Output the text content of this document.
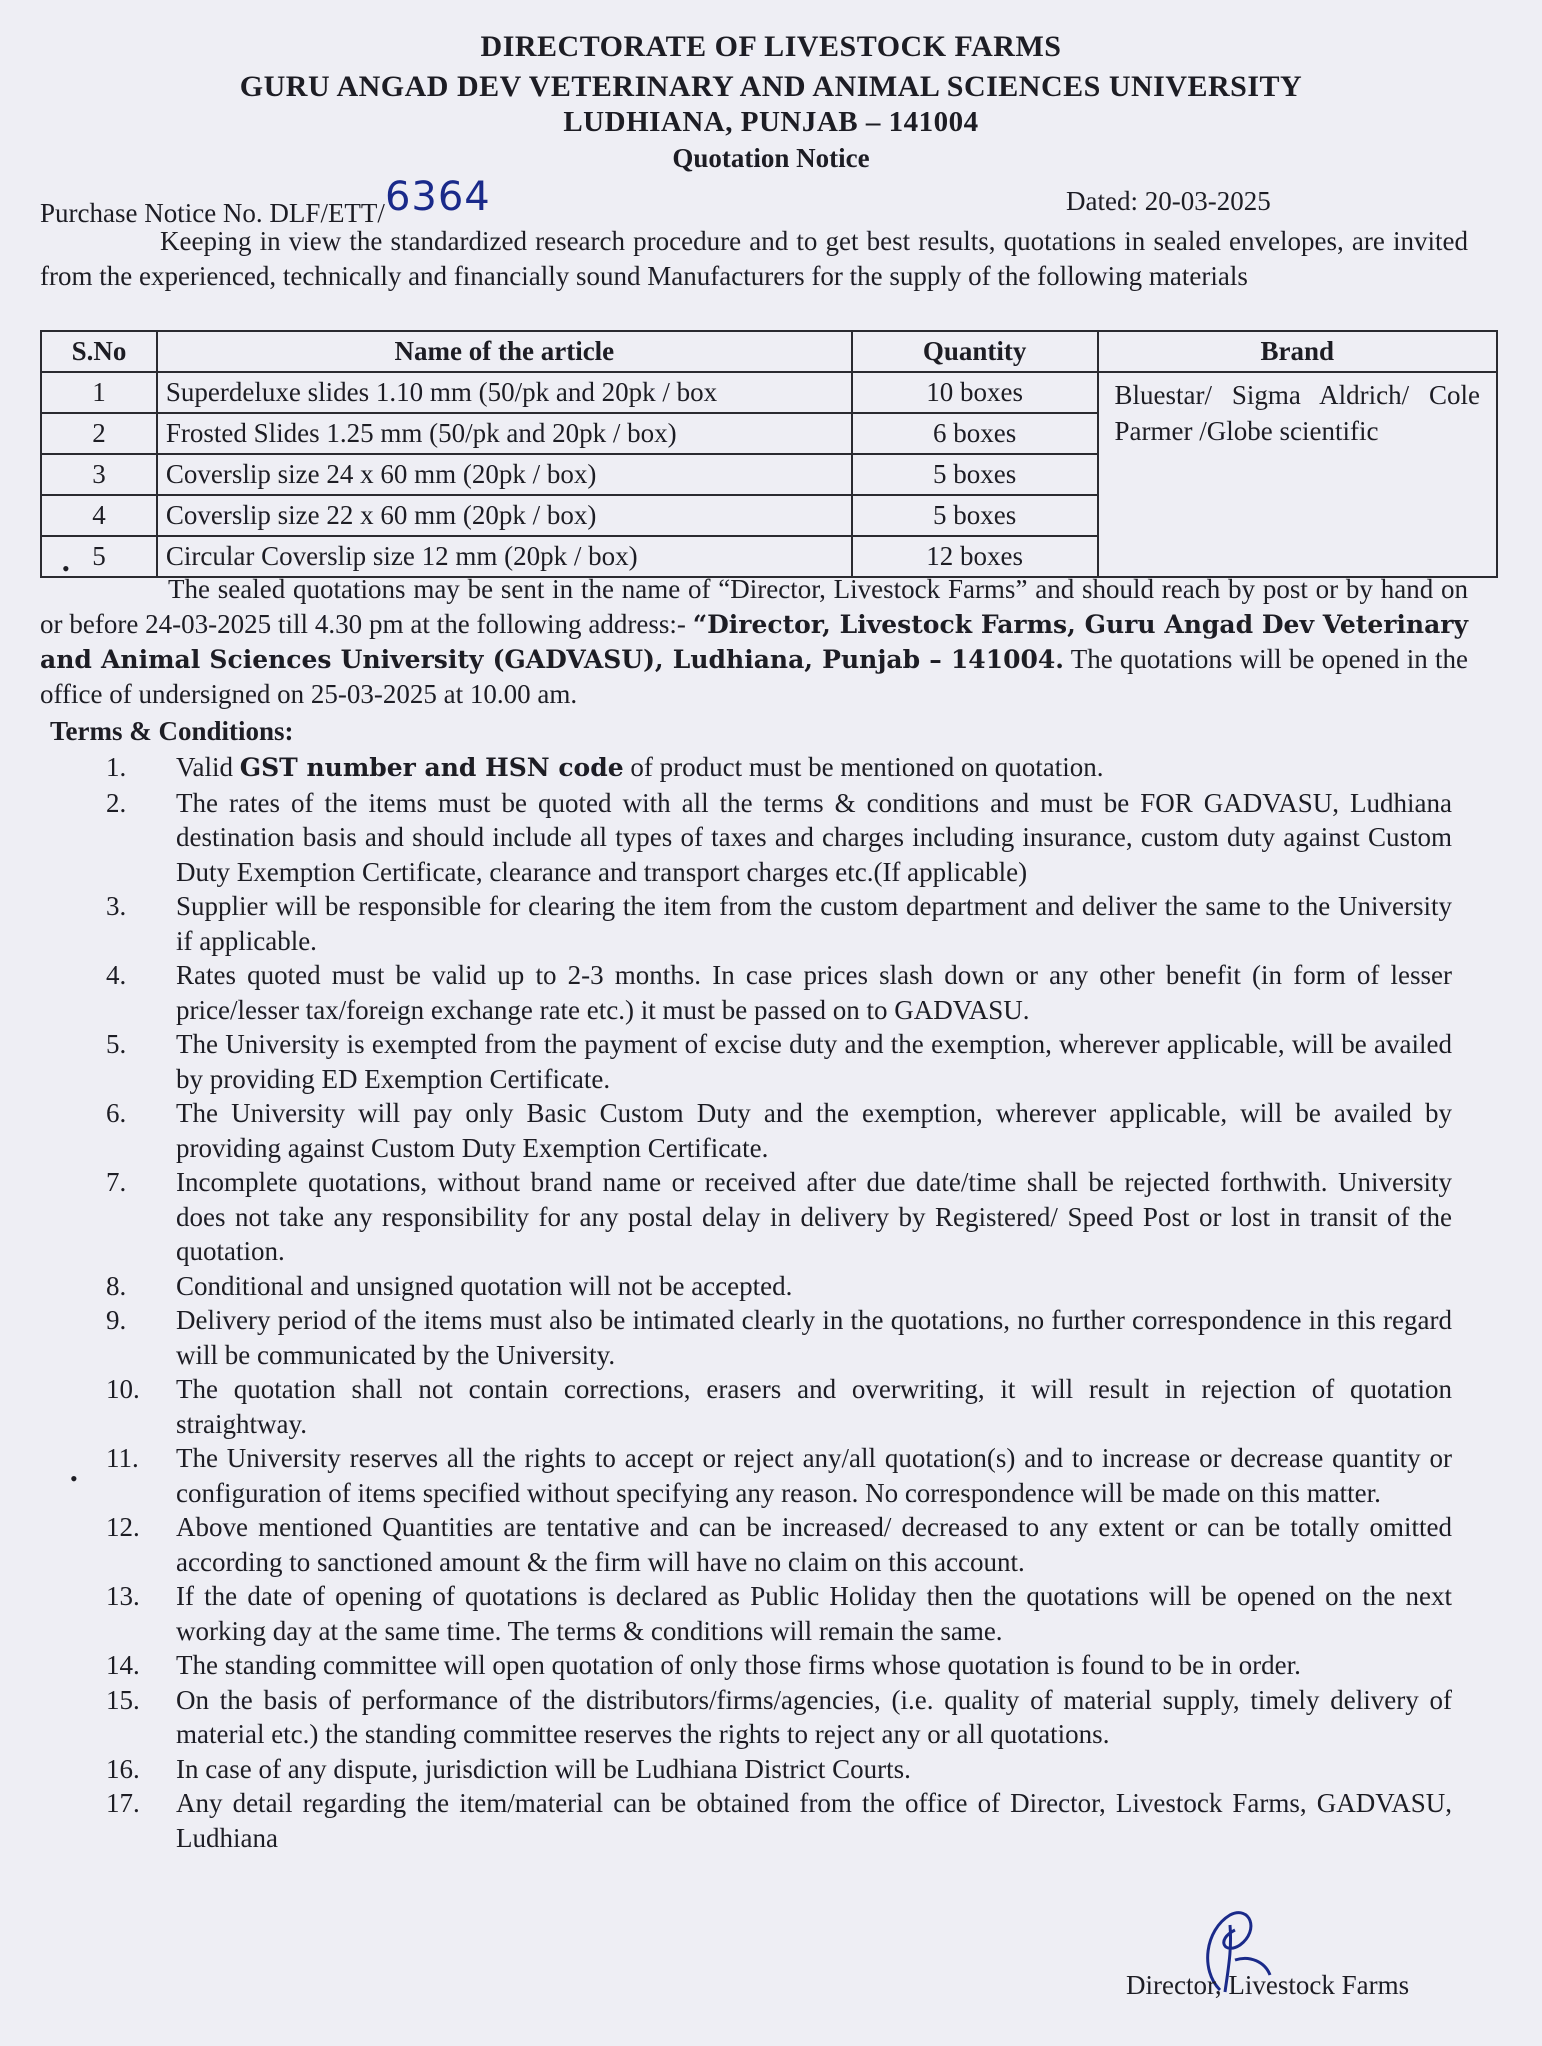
DIRECTORATE OF LIVESTOCK FARMS
GURU ANGAD DEV VETERINARY AND ANIMAL SCIENCES UNIVERSITY
LUDHIANA, PUNJAB – 141004
Quotation Notice
Purchase Notice No. DLF/ETT/6364	Dated: 20-03-2025
Keeping in view the standardized research procedure and to get best results, quotations in sealed envelopes, are invited from the experienced, technically and financially sound Manufacturers for the supply of the following materials
S.No	Name of the article	Quantity	Brand
1	Superdeluxe slides 1.10 mm (50/pk and 20pk / box	10 boxes	Bluestar/ Sigma Aldrich/ Cole Parmer /Globe scientific
2	Frosted Slides 1.25 mm (50/pk and 20pk / box)	6 boxes	
3	Coverslip size 24 x 60 mm (20pk / box)	5 boxes	
4	Coverslip size 22 x 60 mm (20pk / box)	5 boxes	
5	Circular Coverslip size 12 mm (20pk / box)	12 boxes	
The sealed quotations may be sent in the name of “Director, Livestock Farms” and should reach by post or by hand on or before 24-03-2025 till 4.30 pm at the following address:- “Director, Livestock Farms, Guru Angad Dev Veterinary and Animal Sciences University (GADVASU), Ludhiana, Punjab – 141004. The quotations will be opened in the office of undersigned on 25-03-2025 at 10.00 am.
Terms & Conditions:
1.	Valid GST number and HSN code of product must be mentioned on quotation.
2.	The rates of the items must be quoted with all the terms & conditions and must be FOR GADVASU, Ludhiana destination basis and should include all types of taxes and charges including insurance, custom duty against Custom Duty Exemption Certificate, clearance and transport charges etc.(If applicable)
3.	Supplier will be responsible for clearing the item from the custom department and deliver the same to the University if applicable.
4.	Rates quoted must be valid up to 2-3 months. In case prices slash down or any other benefit (in form of lesser price/lesser tax/foreign exchange rate etc.) it must be passed on to GADVASU.
5.	The University is exempted from the payment of excise duty and the exemption, wherever applicable, will be availed by providing ED Exemption Certificate.
6.	The University will pay only Basic Custom Duty and the exemption, wherever applicable, will be availed by providing against Custom Duty Exemption Certificate.
7.	Incomplete quotations, without brand name or received after due date/time shall be rejected forthwith. University does not take any responsibility for any postal delay in delivery by Registered/ Speed Post or lost in transit of the quotation.
8.	Conditional and unsigned quotation will not be accepted.
9.	Delivery period of the items must also be intimated clearly in the quotations, no further correspondence in this regard will be communicated by the University.
10.	The quotation shall not contain corrections, erasers and overwriting, it will result in rejection of quotation straightway.
11.	The University reserves all the rights to accept or reject any/all quotation(s) and to increase or decrease quantity or configuration of items specified without specifying any reason. No correspondence will be made on this matter.
12.	Above mentioned Quantities are tentative and can be increased/ decreased to any extent or can be totally omitted according to sanctioned amount & the firm will have no claim on this account.
13.	If the date of opening of quotations is declared as Public Holiday then the quotations will be opened on the next working day at the same time. The terms & conditions will remain the same.
14.	The standing committee will open quotation of only those firms whose quotation is found to be in order.
15.	On the basis of performance of the distributors/firms/agencies, (i.e. quality of material supply, timely delivery of material etc.) the standing committee reserves the rights to reject any or all quotations.
16.	In case of any dispute, jurisdiction will be Ludhiana District Courts.
17.	Any detail regarding the item/material can be obtained from the office of Director, Livestock Farms, GADVASU, Ludhiana
Director, Livestock Farms
•
•
